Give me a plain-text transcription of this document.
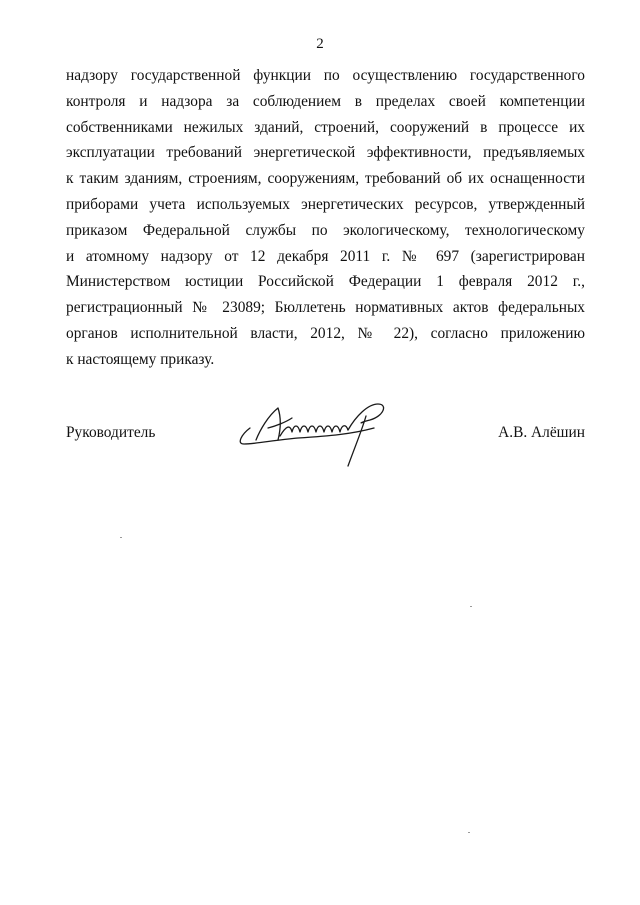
2
надзору государственной функции по осуществлению государственного
контроля и надзора за соблюдением в пределах своей компетенции
собственниками нежилых зданий, строений, сооружений в процессе их
эксплуатации требований энергетической эффективности, предъявляемых
к таким зданиям, строениям, сооружениям, требований об их оснащенности
приборами учета используемых энергетических ресурсов, утвержденный
приказом Федеральной службы по экологическому, технологическому
и атомному надзору от 12 декабря 2011 г. № 697 (зарегистрирован
Министерством юстиции Российской Федерации 1 февраля 2012 г.,
регистрационный № 23089; Бюллетень нормативных актов федеральных
органов исполнительной власти, 2012, № 22), согласно приложению
к настоящему приказу.
Руководитель	А.В. Алёшин
